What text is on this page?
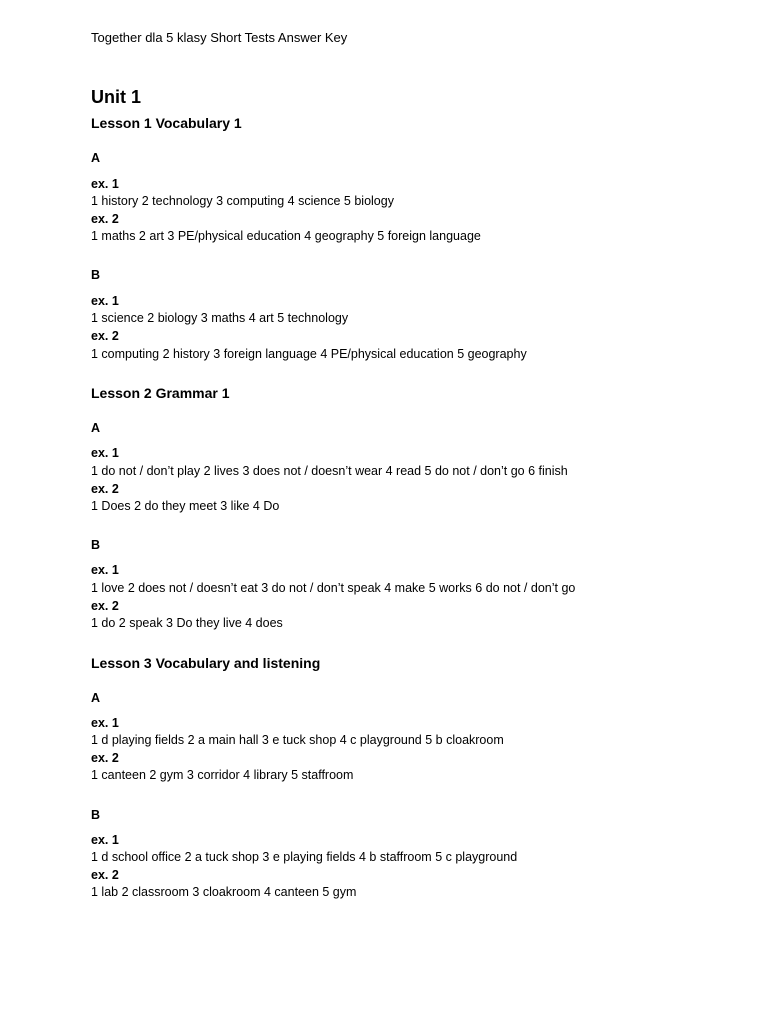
Together dla 5 klasy Short Tests Answer Key
Unit 1
Lesson 1 Vocabulary 1
A
ex. 1
1 history 2 technology 3 computing 4 science 5 biology
ex. 2
1 maths 2 art 3 PE/physical education 4 geography 5 foreign language
B
ex. 1
1 science 2 biology 3 maths 4 art 5 technology
ex. 2
1 computing 2 history 3 foreign language 4 PE/physical education 5 geography
Lesson 2 Grammar 1
A
ex. 1
1 do not / don’t play 2 lives 3 does not / doesn’t wear 4 read 5 do not / don’t go 6 finish
ex. 2
1 Does 2 do they meet 3 like 4 Do
B
ex. 1
1 love 2 does not / doesn’t eat 3 do not / don’t speak 4 make 5 works 6 do not / don’t go
ex. 2
1 do 2 speak 3 Do they live 4 does
Lesson 3 Vocabulary and listening
A
ex. 1
1 d playing fields 2 a main hall 3 e tuck shop 4 c playground 5 b cloakroom
ex. 2
1 canteen 2 gym 3 corridor 4 library 5 staffroom
B
ex. 1
1 d school office 2 a tuck shop 3 e playing fields 4 b staffroom 5 c playground
ex. 2
1 lab 2 classroom 3 cloakroom 4 canteen 5 gym
